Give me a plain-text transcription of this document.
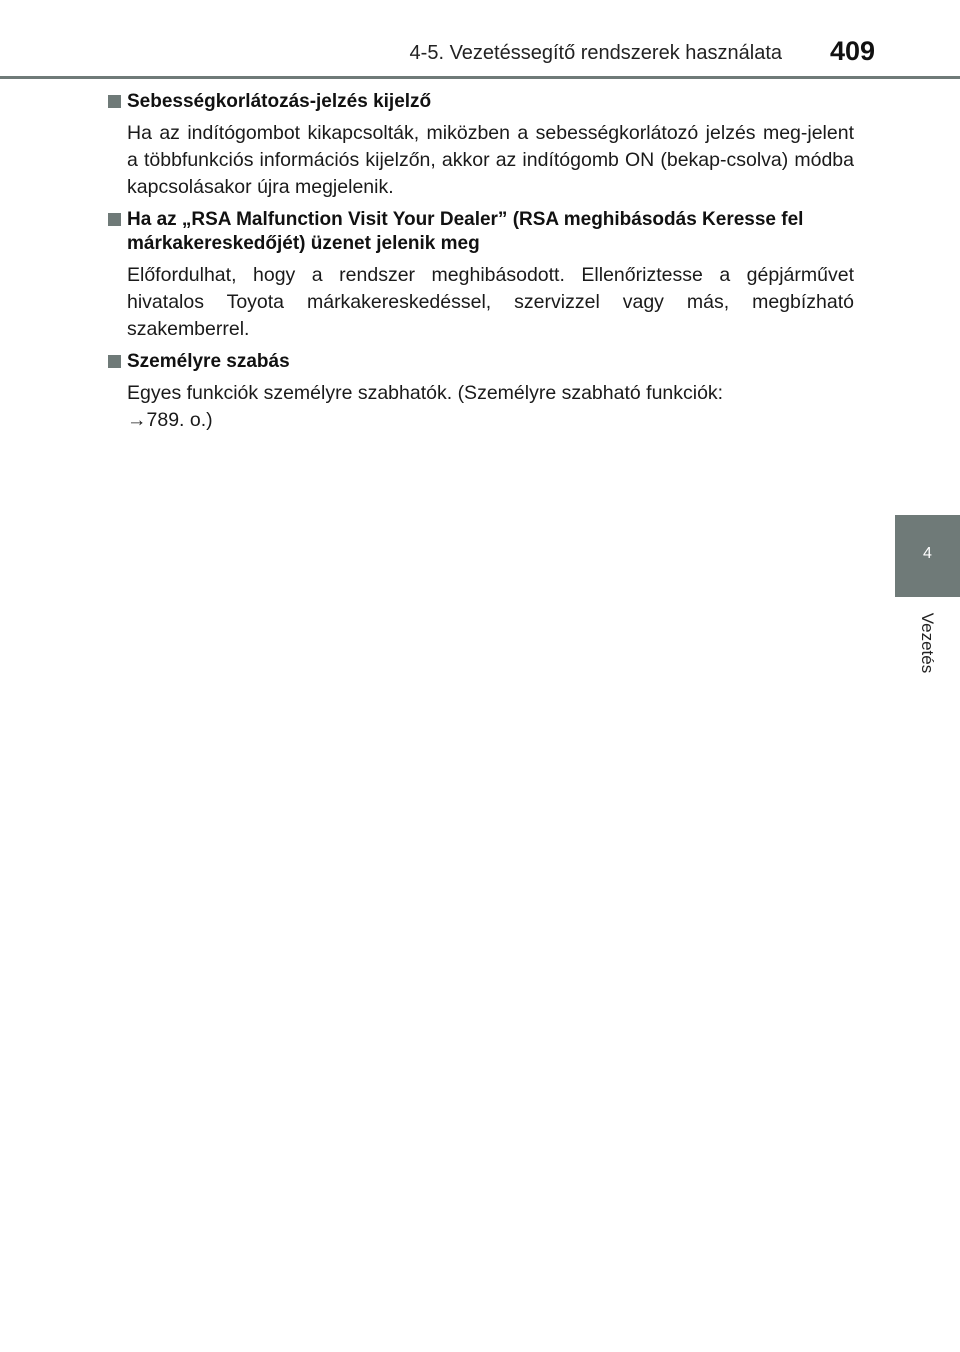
4-5. Vezetéssegítő rendszerek használata 409
4
Vezetés
Sebességkorlátozás-jelzés kijelző
Ha az indítógombot kikapcsolták, miközben a sebességkorlátozó jelzés meg-jelent a többfunkciós információs kijelzőn, akkor az indítógomb ON (bekap-csolva) módba kapcsolásakor újra megjelenik.
Ha az „RSA Malfunction Visit Your Dealer” (RSA meghibásodás Keresse fel márkakereskedőjét) üzenet jelenik meg
Előfordulhat, hogy a rendszer meghibásodott. Ellenőriztesse a gépjárművet hivatalos Toyota márkakereskedéssel, szervizzel vagy más, megbízható szakemberrel.
Személyre szabás
Egyes funkciók személyre szabhatók. (Személyre szabható funkciók:
→789. o.)
